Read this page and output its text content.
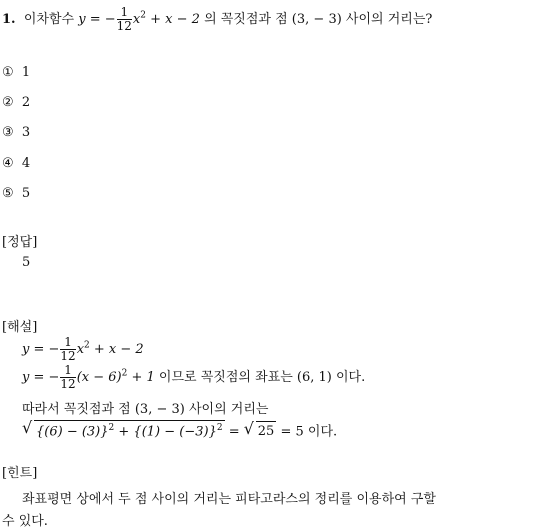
1. 이차함수 y = − $\frac{1}{12} x^2 + x - 2$ 의 꼭짓점과 점 (3, − 3) 사이의 거리는?
① 1
② 2
③ 3
④ 4
⑤ 5
[정답]
5
[해설]
y = − $\frac{1}{12} x^2 + x - 2$
y = − $\frac{1}{12} (x - 6)^2 + 1$ 이므로 꼭짓점의 좌표는 (6, 1) 이다.
따라서 꼭짓점과 점 (3, − 3) 사이의 거리는
√ $\{(6) - (3)\}^2 + \{(1) - (-3)\}^2$ = √ 25 = 5 이다.
[힌트]
좌표평면 상에서 두 점 사이의 거리는 피타고라스의 정리를 이용하여 구할
수 있다.
